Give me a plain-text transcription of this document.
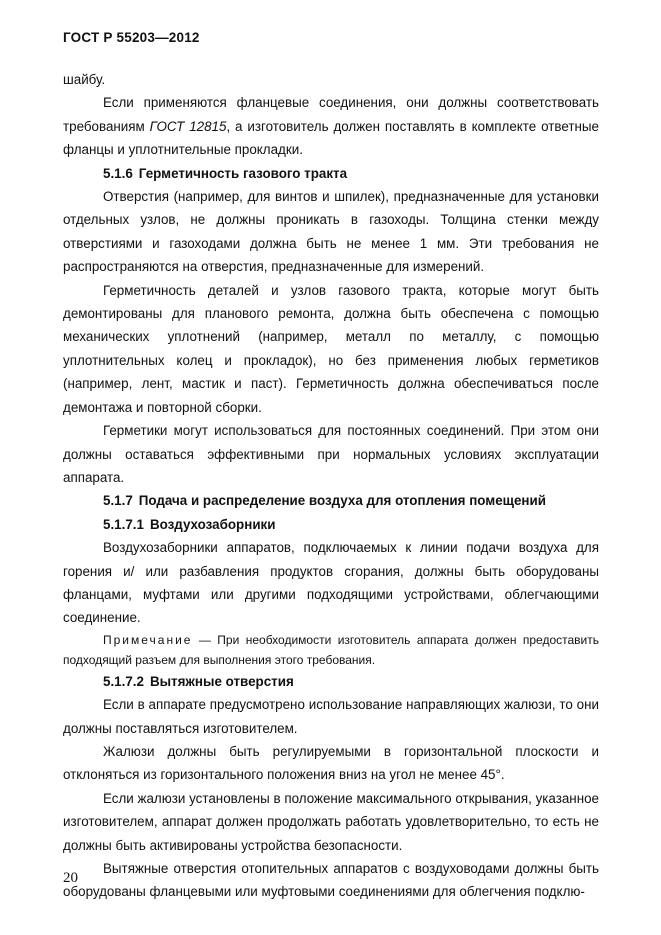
ГОСТ Р 55203—2012

шайбу.

Если применяются фланцевые соединения, они должны соответствовать требованиям ГОСТ 12815, а изготовитель должен поставлять в комплекте ответные фланцы и уплотнительные прокладки.

5.1.6 Герметичность газового тракта

Отверстия (например, для винтов и шпилек), предназначенные для установки отдельных узлов, не должны проникать в газоходы. Толщина стенки между отверстиями и газоходами должна быть не менее 1 мм. Эти требования не распространяются на отверстия, предназначенные для измерений.

Герметичность деталей и узлов газового тракта, которые могут быть демонтированы для планового ремонта, должна быть обеспечена с помощью механических уплотнений (например, металл по металлу, с помощью уплотнительных колец и прокладок), но без применения любых герметиков (например, лент, мастик и паст). Герметичность должна обеспечиваться после демонтажа и повторной сборки.

Герметики могут использоваться для постоянных соединений. При этом они должны оставаться эффективными при нормальных условиях эксплуатации аппарата.

5.1.7 Подача и распределение воздуха для отопления помещений

5.1.7.1 Воздухозаборники

Воздухозаборники аппаратов, подключаемых к линии подачи воздуха для горения и/ или разбавления продуктов сгорания, должны быть оборудованы фланцами, муфтами или другими подходящими устройствами, облегчающими соединение.

Примечание — При необходимости изготовитель аппарата должен предоставить подходящий разъем для выполнения этого требования.

5.1.7.2 Вытяжные отверстия

Если в аппарате предусмотрено использование направляющих жалюзи, то они должны поставляться изготовителем.

Жалюзи должны быть регулируемыми в горизонтальной плоскости и отклоняться из горизонтального положения вниз на угол не менее 45°.

Если жалюзи установлены в положение максимального открывания, указанное изготовителем, аппарат должен продолжать работать удовлетворительно, то есть не должны быть активированы устройства безопасности.

Вытяжные отверстия отопительных аппаратов с воздуховодами должны быть оборудованы фланцевыми или муфтовыми соединениями для облегчения подклю-

20
